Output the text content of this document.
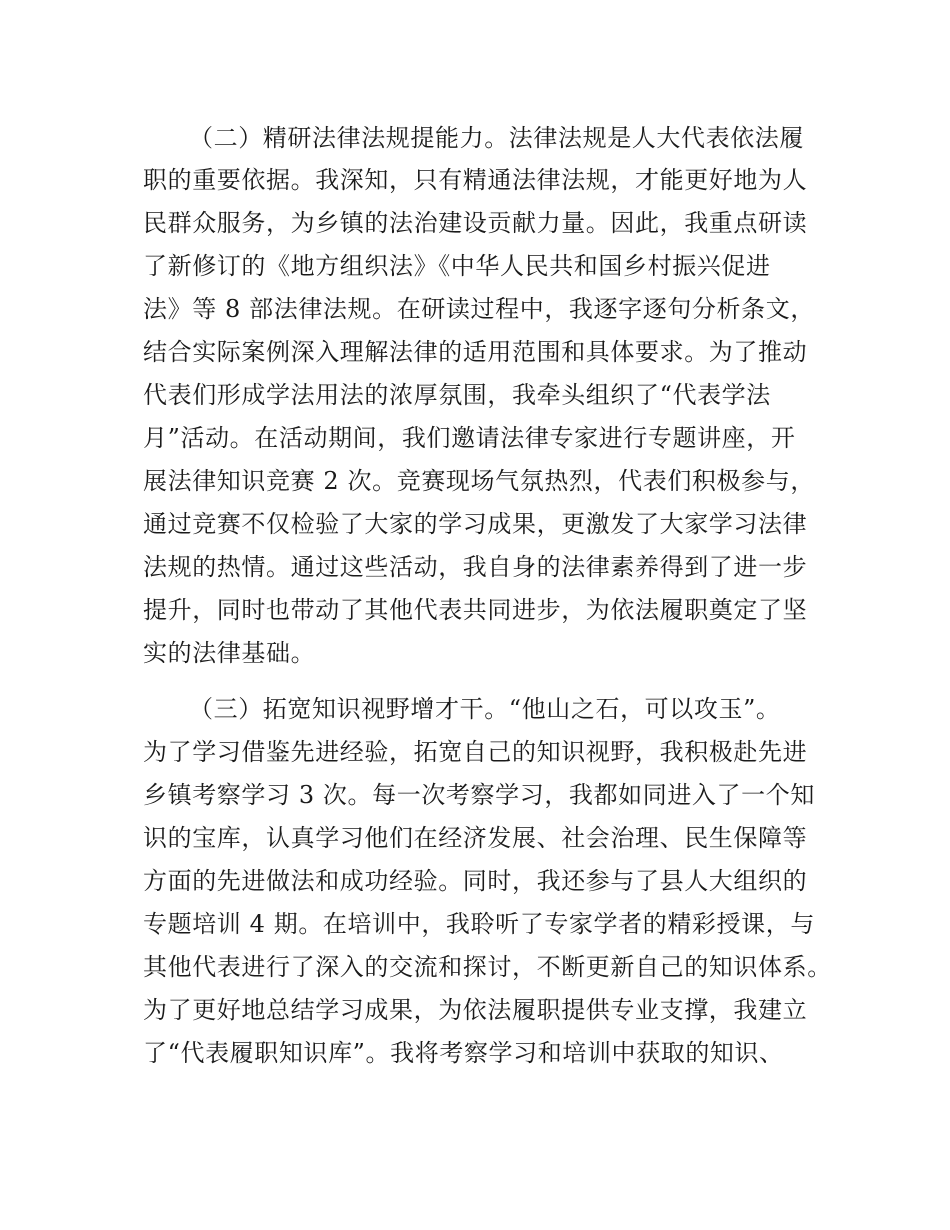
（二）精研法律法规提能力。法律法规是人大代表依法履
职的重要依据。我深知，只有精通法律法规，才能更好地为人
民群众服务，为乡镇的法治建设贡献力量。因此，我重点研读
了新修订的《地方组织法》《中华人民共和国乡村振兴促进
法》等 8 部法律法规。在研读过程中，我逐字逐句分析条文，
结合实际案例深入理解法律的适用范围和具体要求。为了推动
代表们形成学法用法的浓厚氛围，我牵头组织了“代表学法
月”活动。在活动期间，我们邀请法律专家进行专题讲座，开
展法律知识竞赛 2 次。竞赛现场气氛热烈，代表们积极参与，
通过竞赛不仅检验了大家的学习成果，更激发了大家学习法律
法规的热情。通过这些活动，我自身的法律素养得到了进一步
提升，同时也带动了其他代表共同进步，为依法履职奠定了坚
实的法律基础。
（三）拓宽知识视野增才干。“他山之石，可以攻玉”。
为了学习借鉴先进经验，拓宽自己的知识视野，我积极赴先进
乡镇考察学习 3 次。每一次考察学习，我都如同进入了一个知
识的宝库，认真学习他们在经济发展、社会治理、民生保障等
方面的先进做法和成功经验。同时，我还参与了县人大组织的
专题培训 4 期。在培训中，我聆听了专家学者的精彩授课，与
其他代表进行了深入的交流和探讨，不断更新自己的知识体系。
为了更好地总结学习成果，为依法履职提供专业支撑，我建立
了“代表履职知识库”。我将考察学习和培训中获取的知识、
